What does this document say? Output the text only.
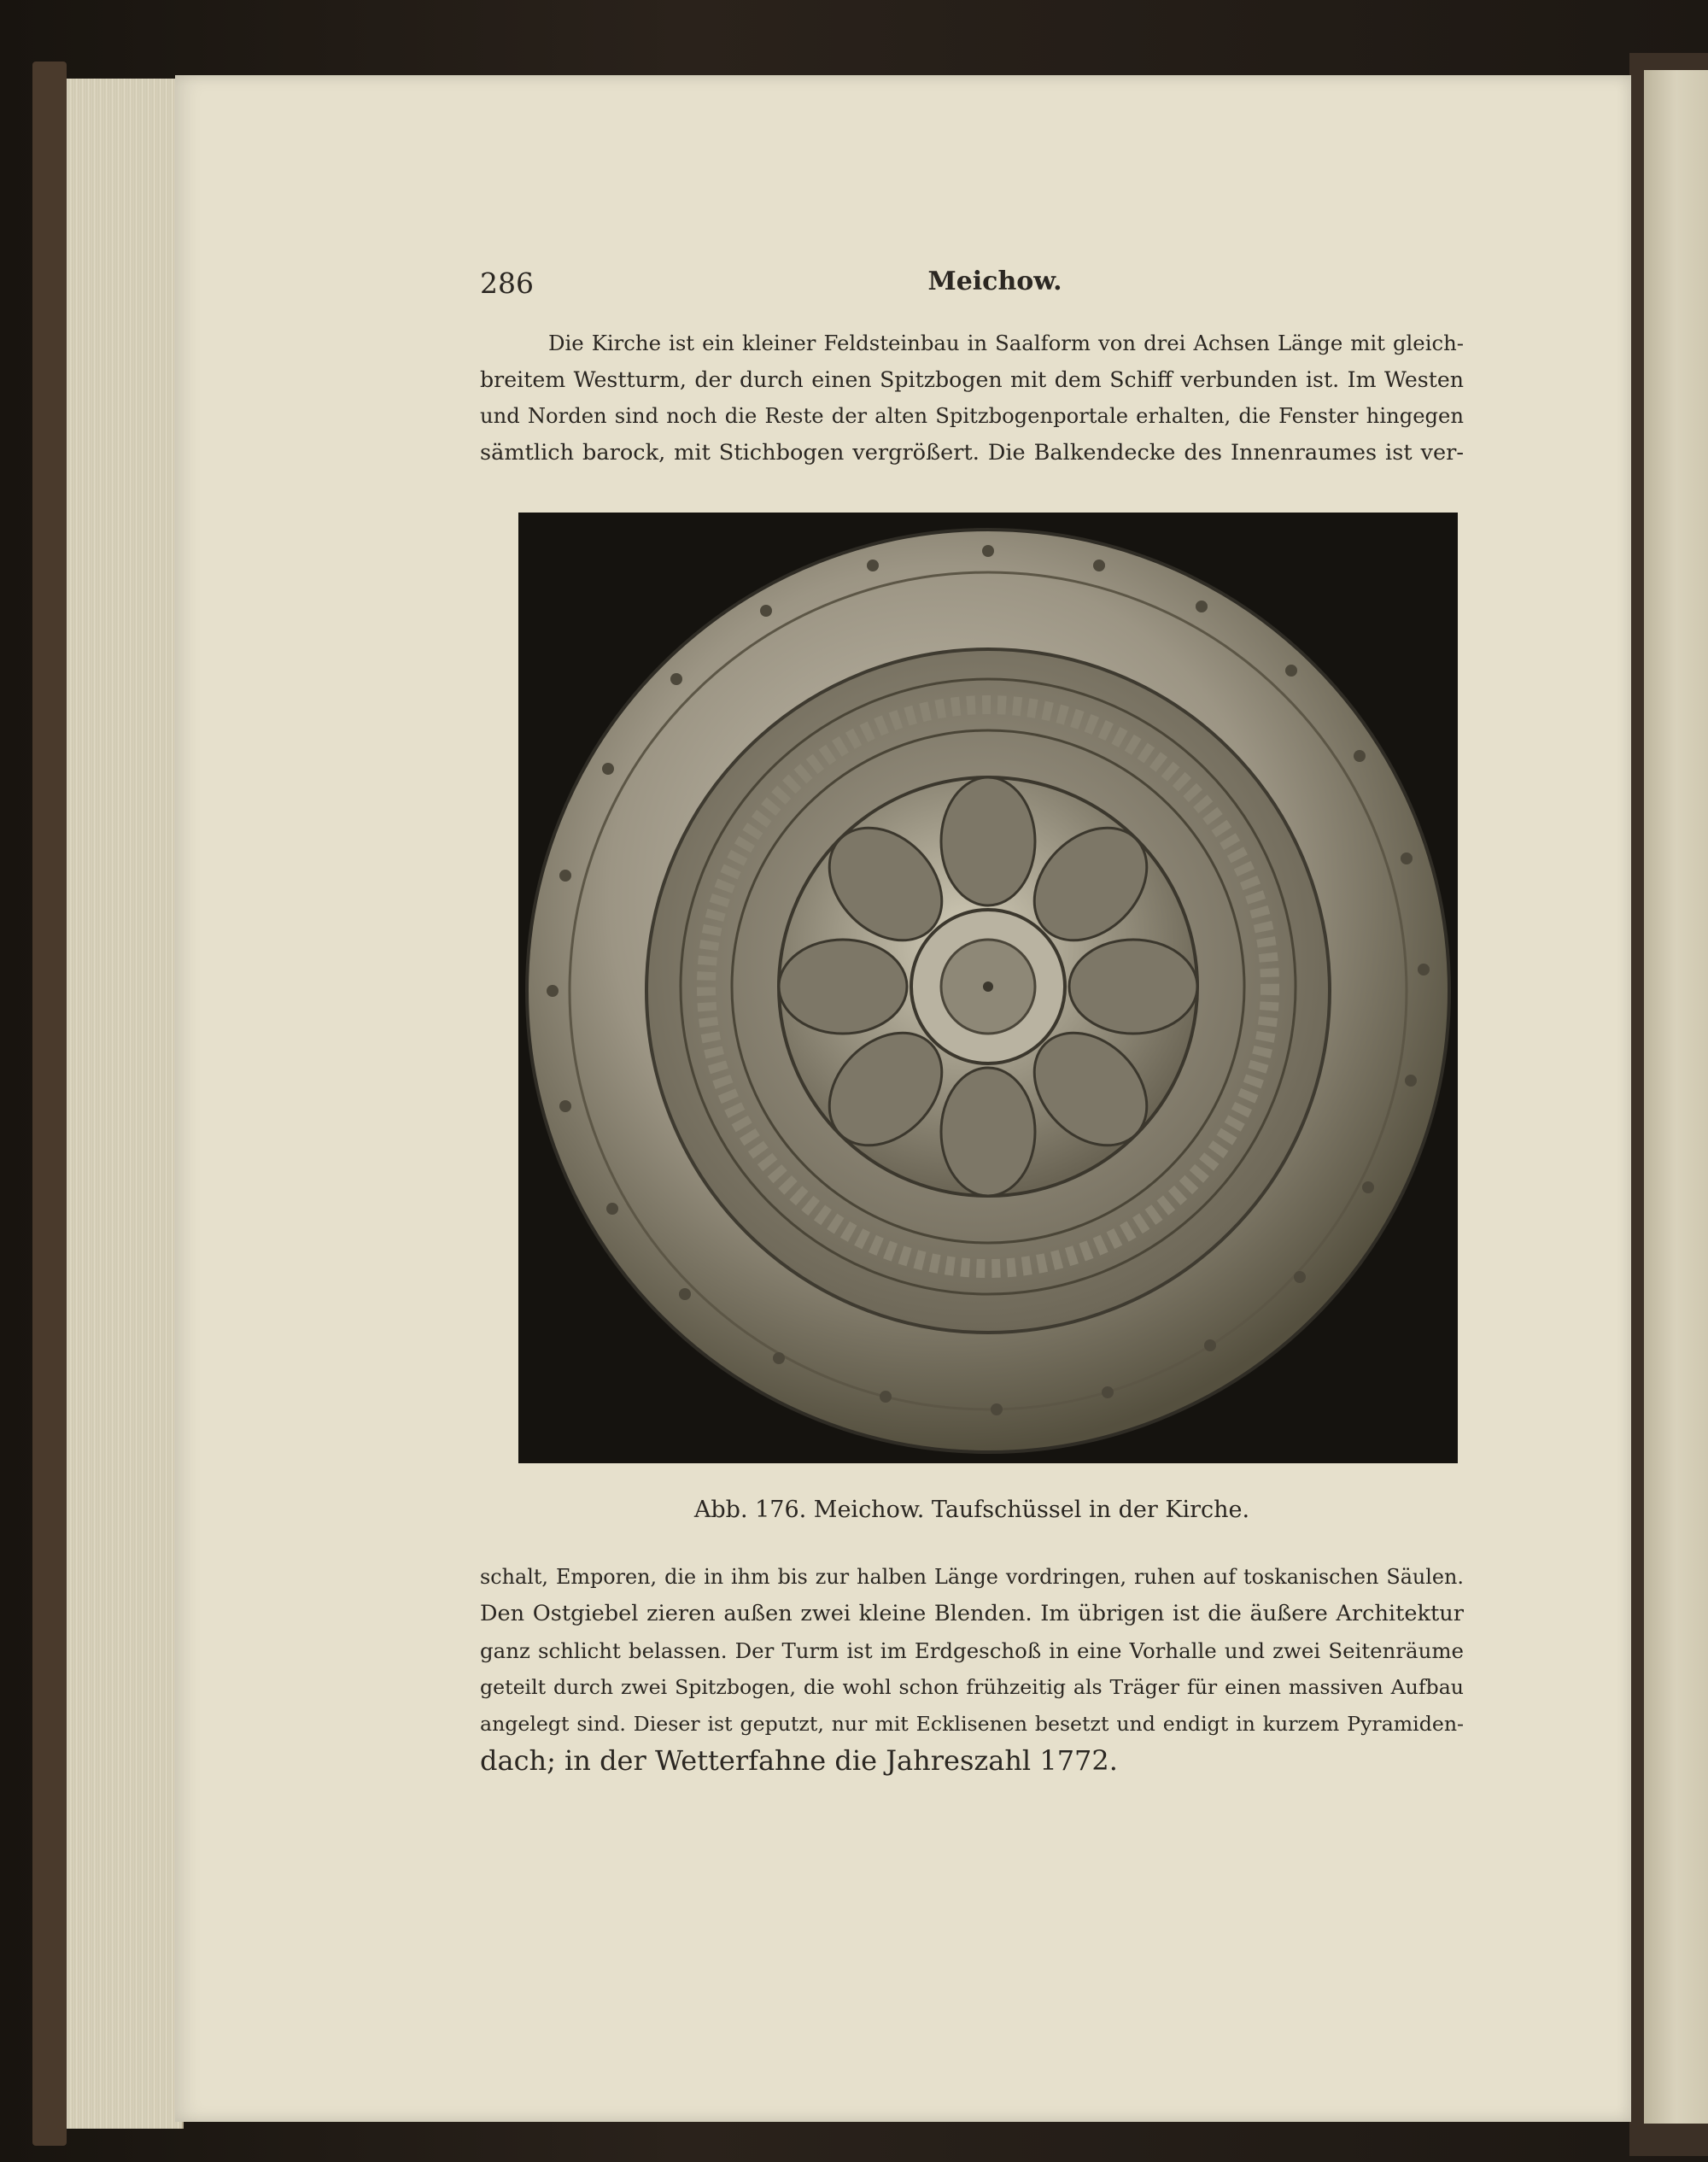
286	Meichow.
Die Kirche ist ein kleiner Feldsteinbau in Saalform von drei Achsen Länge mit gleich-
breitem Westturm, der durch einen Spitzbogen mit dem Schiff verbunden ist. Im Westen
und Norden sind noch die Reste der alten Spitzbogenportale erhalten, die Fenster hingegen
sämtlich barock, mit Stichbogen vergrößert. Die Balkendecke des Innenraumes ist ver-
Abb. 176. Meichow. Taufschüssel in der Kirche.
schalt, Emporen, die in ihm bis zur halben Länge vordringen, ruhen auf toskanischen Säulen.
Den Ostgiebel zieren außen zwei kleine Blenden. Im übrigen ist die äußere Architektur
ganz schlicht belassen. Der Turm ist im Erdgeschoß in eine Vorhalle und zwei Seitenräume
geteilt durch zwei Spitzbogen, die wohl schon frühzeitig als Träger für einen massiven Aufbau
angelegt sind. Dieser ist geputzt, nur mit Ecklisenen besetzt und endigt in kurzem Pyramiden-
dach; in der Wetterfahne die Jahreszahl 1772.
